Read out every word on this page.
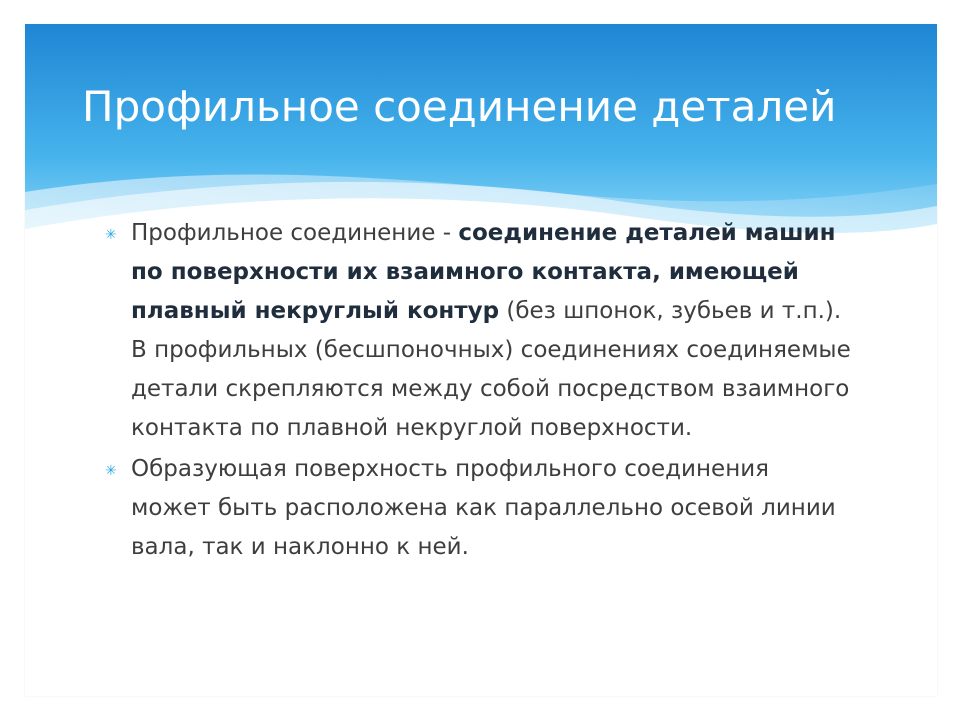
Профильное соединение деталей
✳ Профильное соединение - соединение деталей машин по поверхности их взаимного контакта, имеющей плавный некруглый контур (без шпонок, зубьев и т.п.). В профильных (бесшпоночных) соединениях соединяемые детали скрепляются между собой посредством взаимного контакта по плавной некруглой поверхности.
✳ Образующая поверхность профильного соединения может быть расположена как параллельно осевой линии вала, так и наклонно к ней.
